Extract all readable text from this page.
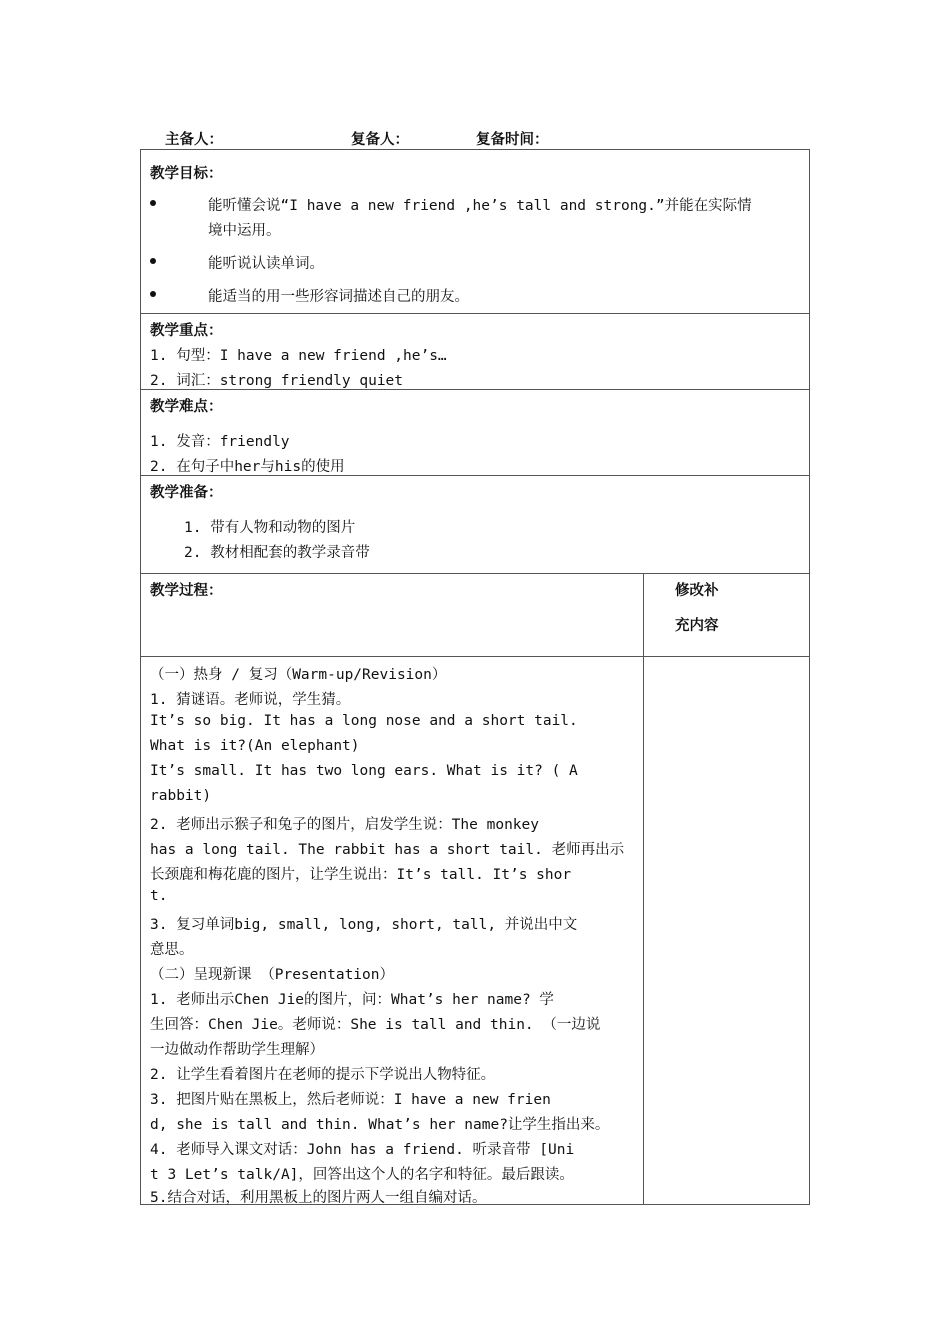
主备人：	复备人：	复备时间：
教学目标：
能听懂会说“I have a new friend ,he’s tall and strong.”并能在实际情
境中运用。
能听说认读单词。
能适当的用一些形容词描述自己的朋友。
教学重点：
1. 句型：I have a new friend ,he’s…
2. 词汇：strong friendly quiet
教学难点：
1. 发音：friendly
2. 在句子中her与his的使用
教学准备：
1. 带有人物和动物的图片
2. 教材相配套的教学录音带
教学过程：	修改补
充内容
（一）热身 / 复习（Warm-up/Revision）
1. 猜谜语。老师说，学生猜。
It’s so big. It has a long nose and a short tail.
What is it?(An elephant)
It’s small. It has two long ears. What is it? ( A
rabbit)
2. 老师出示猴子和兔子的图片，启发学生说：The monkey
has a long tail. The rabbit has a short tail. 老师再出示
长颈鹿和梅花鹿的图片，让学生说出：It’s tall. It’s shor
t.
3. 复习单词big, small, long, short, tall, 并说出中文
意思。
（二）呈现新课 （Presentation）
1. 老师出示Chen Jie的图片，问：What’s her name? 学
生回答：Chen Jie。老师说：She is tall and thin. （一边说
一边做动作帮助学生理解）
2. 让学生看着图片在老师的提示下学说出人物特征。
3. 把图片贴在黑板上，然后老师说：I have a new frien
d, she is tall and thin. What’s her name?让学生指出来。
4. 老师导入课文对话：John has a friend. 听录音带 [Uni
t 3 Let’s talk/A]，回答出这个人的名字和特征。最后跟读。
5.结合对话，利用黑板上的图片两人一组自编对话。
